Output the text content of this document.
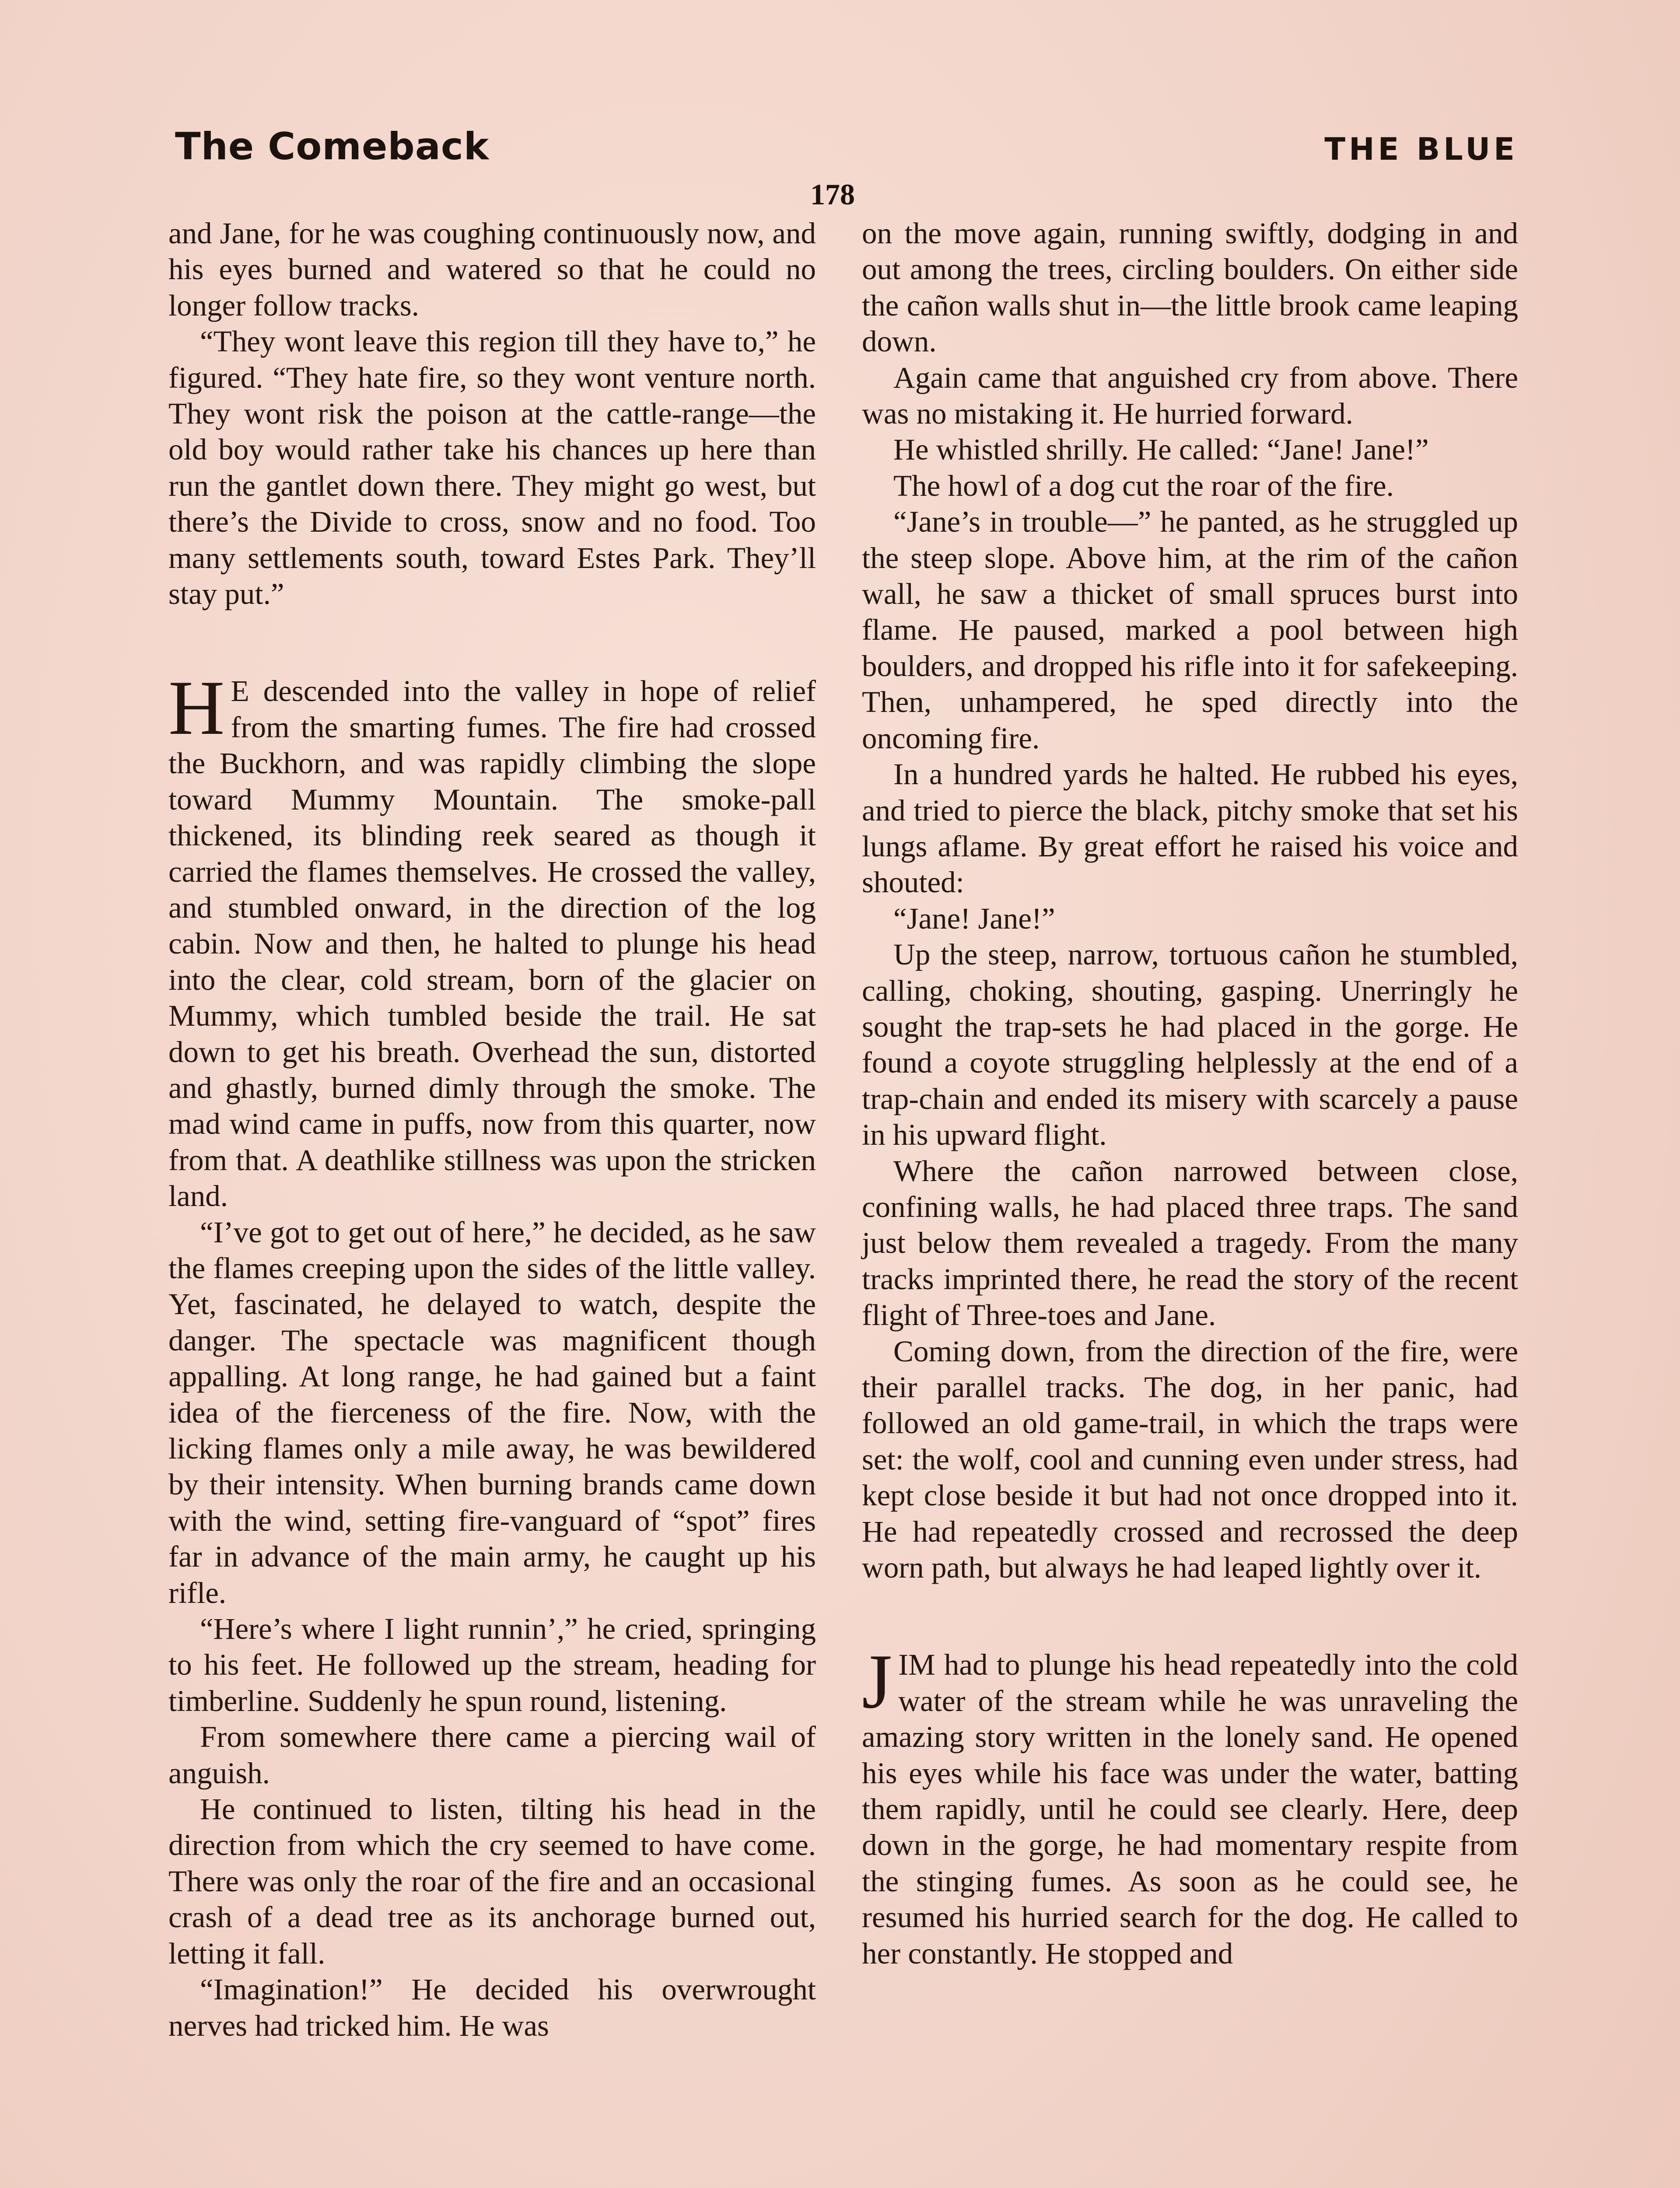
The Comeback	THE BLUE
178

and Jane, for he was coughing continuously now, and his eyes burned and watered so that he could no longer follow tracks.

“They wont leave this region till they have to,” he figured. “They hate fire, so they wont venture north. They wont risk the poison at the cattle-range—the old boy would rather take his chances up here than run the gantlet down there. They might go west, but there’s the Divide to cross, snow and no food. Too many settlements south, toward Estes Park. They’ll stay put.”

H E descended into the valley in hope of relief from the smarting fumes. The fire had crossed the Buckhorn, and was rapidly climbing the slope toward Mummy Mountain. The smoke-pall thickened, its blinding reek seared as though it carried the flames themselves. He crossed the valley, and stumbled onward, in the direction of the log cabin. Now and then, he halted to plunge his head into the clear, cold stream, born of the glacier on Mummy, which tumbled beside the trail. He sat down to get his breath. Overhead the sun, distorted and ghastly, burned dimly through the smoke. The mad wind came in puffs, now from this quarter, now from that. A deathlike stillness was upon the stricken land.

“I’ve got to get out of here,” he decided, as he saw the flames creeping upon the sides of the little valley. Yet, fascinated, he delayed to watch, despite the danger. The spectacle was magnificent though appalling. At long range, he had gained but a faint idea of the fierceness of the fire. Now, with the licking flames only a mile away, he was bewildered by their intensity. When burning brands came down with the wind, setting fire-vanguard of “spot” fires far in advance of the main army, he caught up his rifle.

“Here’s where I light runnin’,” he cried, springing to his feet. He followed up the stream, heading for timberline. Suddenly he spun round, listening.

From somewhere there came a piercing wail of anguish.

He continued to listen, tilting his head in the direction from which the cry seemed to have come. There was only the roar of the fire and an occasional crash of a dead tree as its anchorage burned out, letting it fall.

“Imagination!” He decided his overwrought nerves had tricked him. He was

on the move again, running swiftly, dodging in and out among the trees, circling boulders. On either side the cañon walls shut in—the little brook came leaping down.

Again came that anguished cry from above. There was no mistaking it. He hurried forward.

He whistled shrilly. He called: “Jane! Jane!”

The howl of a dog cut the roar of the fire.

“Jane’s in trouble—” he panted, as he struggled up the steep slope. Above him, at the rim of the cañon wall, he saw a thicket of small spruces burst into flame. He paused, marked a pool between high boulders, and dropped his rifle into it for safekeeping. Then, unhampered, he sped directly into the oncoming fire.

In a hundred yards he halted. He rubbed his eyes, and tried to pierce the black, pitchy smoke that set his lungs aflame. By great effort he raised his voice and shouted:

“Jane! Jane!”

Up the steep, narrow, tortuous cañon he stumbled, calling, choking, shouting, gasping. Unerringly he sought the trap-sets he had placed in the gorge. He found a coyote struggling helplessly at the end of a trap-chain and ended its misery with scarcely a pause in his upward flight.

Where the cañon narrowed between close, confining walls, he had placed three traps. The sand just below them revealed a tragedy. From the many tracks imprinted there, he read the story of the recent flight of Three-toes and Jane.

Coming down, from the direction of the fire, were their parallel tracks. The dog, in her panic, had followed an old game-trail, in which the traps were set: the wolf, cool and cunning even under stress, had kept close beside it but had not once dropped into it. He had repeatedly crossed and recrossed the deep worn path, but always he had leaped lightly over it.

JIM had to plunge his head repeatedly into the cold water of the stream while he was unraveling the amazing story written in the lonely sand. He opened his eyes while his face was under the water, batting them rapidly, until he could see clearly. Here, deep down in the gorge, he had momentary respite from the stinging fumes. As soon as he could see, he resumed his hurried search for the dog. He called to her constantly. He stopped and
